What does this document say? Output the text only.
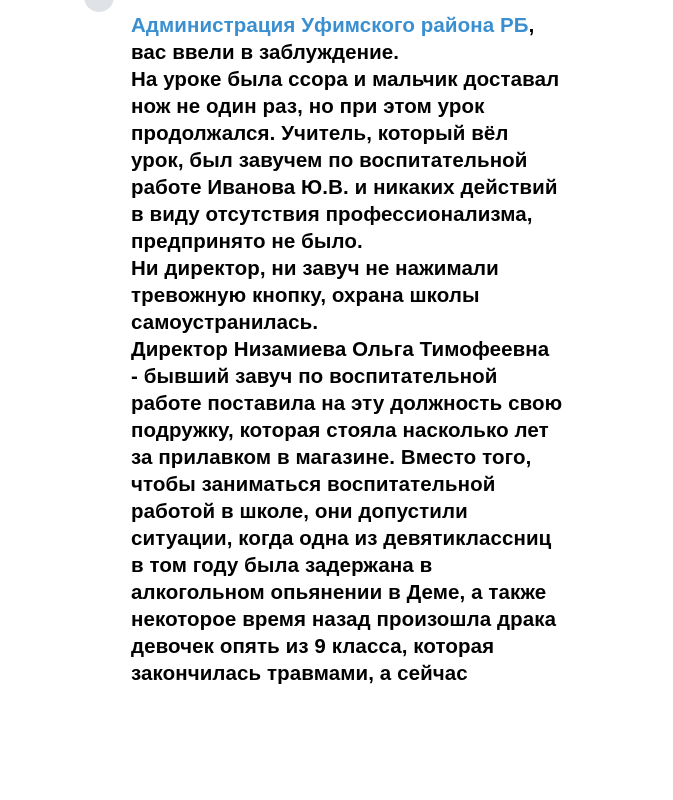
Администрация Уфимского района РБ,
вас ввели в заблуждение.
На уроке была ссора и мальчик доставал
нож не один раз, но при этом урок
продолжался. Учитель, который вёл
урок, был завучем по воспитательной
работе Иванова Ю.В. и никаких действий
в виду отсутствия профессионализма,
предпринято не было.
Ни директор, ни завуч не нажимали
тревожную кнопку, охрана школы
самоустранилась.
Директор Низамиева Ольга Тимофеевна
- бывший завуч по воспитательной
работе поставила на эту должность свою
подружку, которая стояла насколько лет
за прилавком в магазине. Вместо того,
чтобы заниматься воспитательной
работой в школе, они допустили
ситуации, когда одна из девятиклассниц
в том году была задержана в
алкогольном опьянении в Деме, а также
некоторое время назад произошла драка
девочек опять из 9 класса, которая
закончилась травмами, а сейчас
